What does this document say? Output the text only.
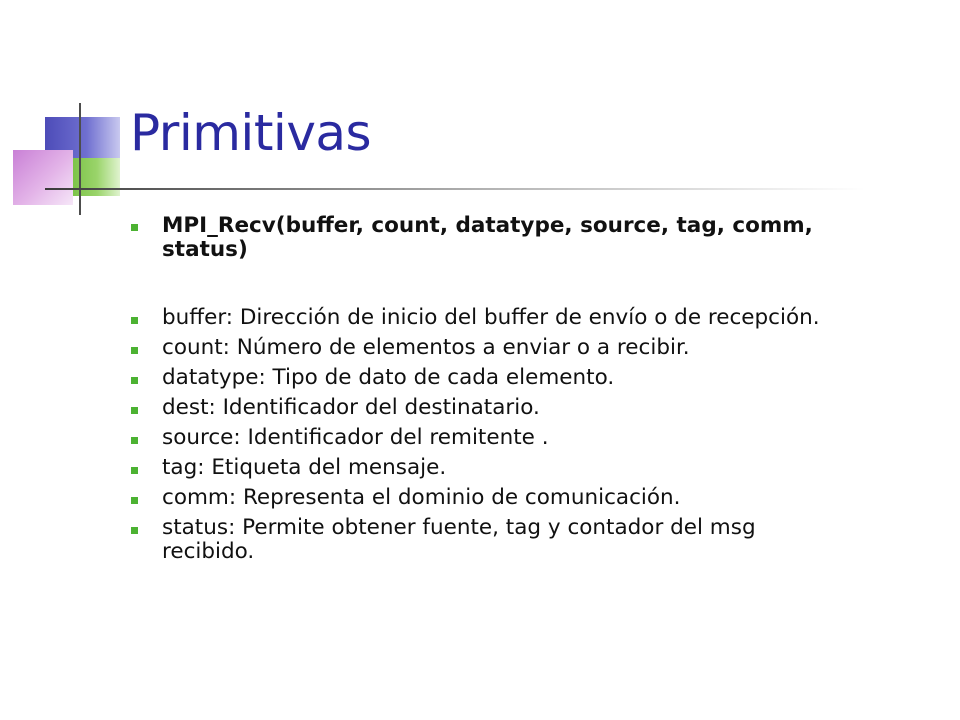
Primitivas
MPI_Recv(buffer, count, datatype, source, tag, comm,
status)
buffer: Dirección de inicio del buffer de envío o de recepción.
count: Número de elementos a enviar o a recibir.
datatype: Tipo de dato de cada elemento.
dest: Identificador del destinatario.
source: Identificador del remitente .
tag: Etiqueta del mensaje.
comm: Representa el dominio de comunicación.
status: Permite obtener fuente, tag y contador del msg
recibido.
